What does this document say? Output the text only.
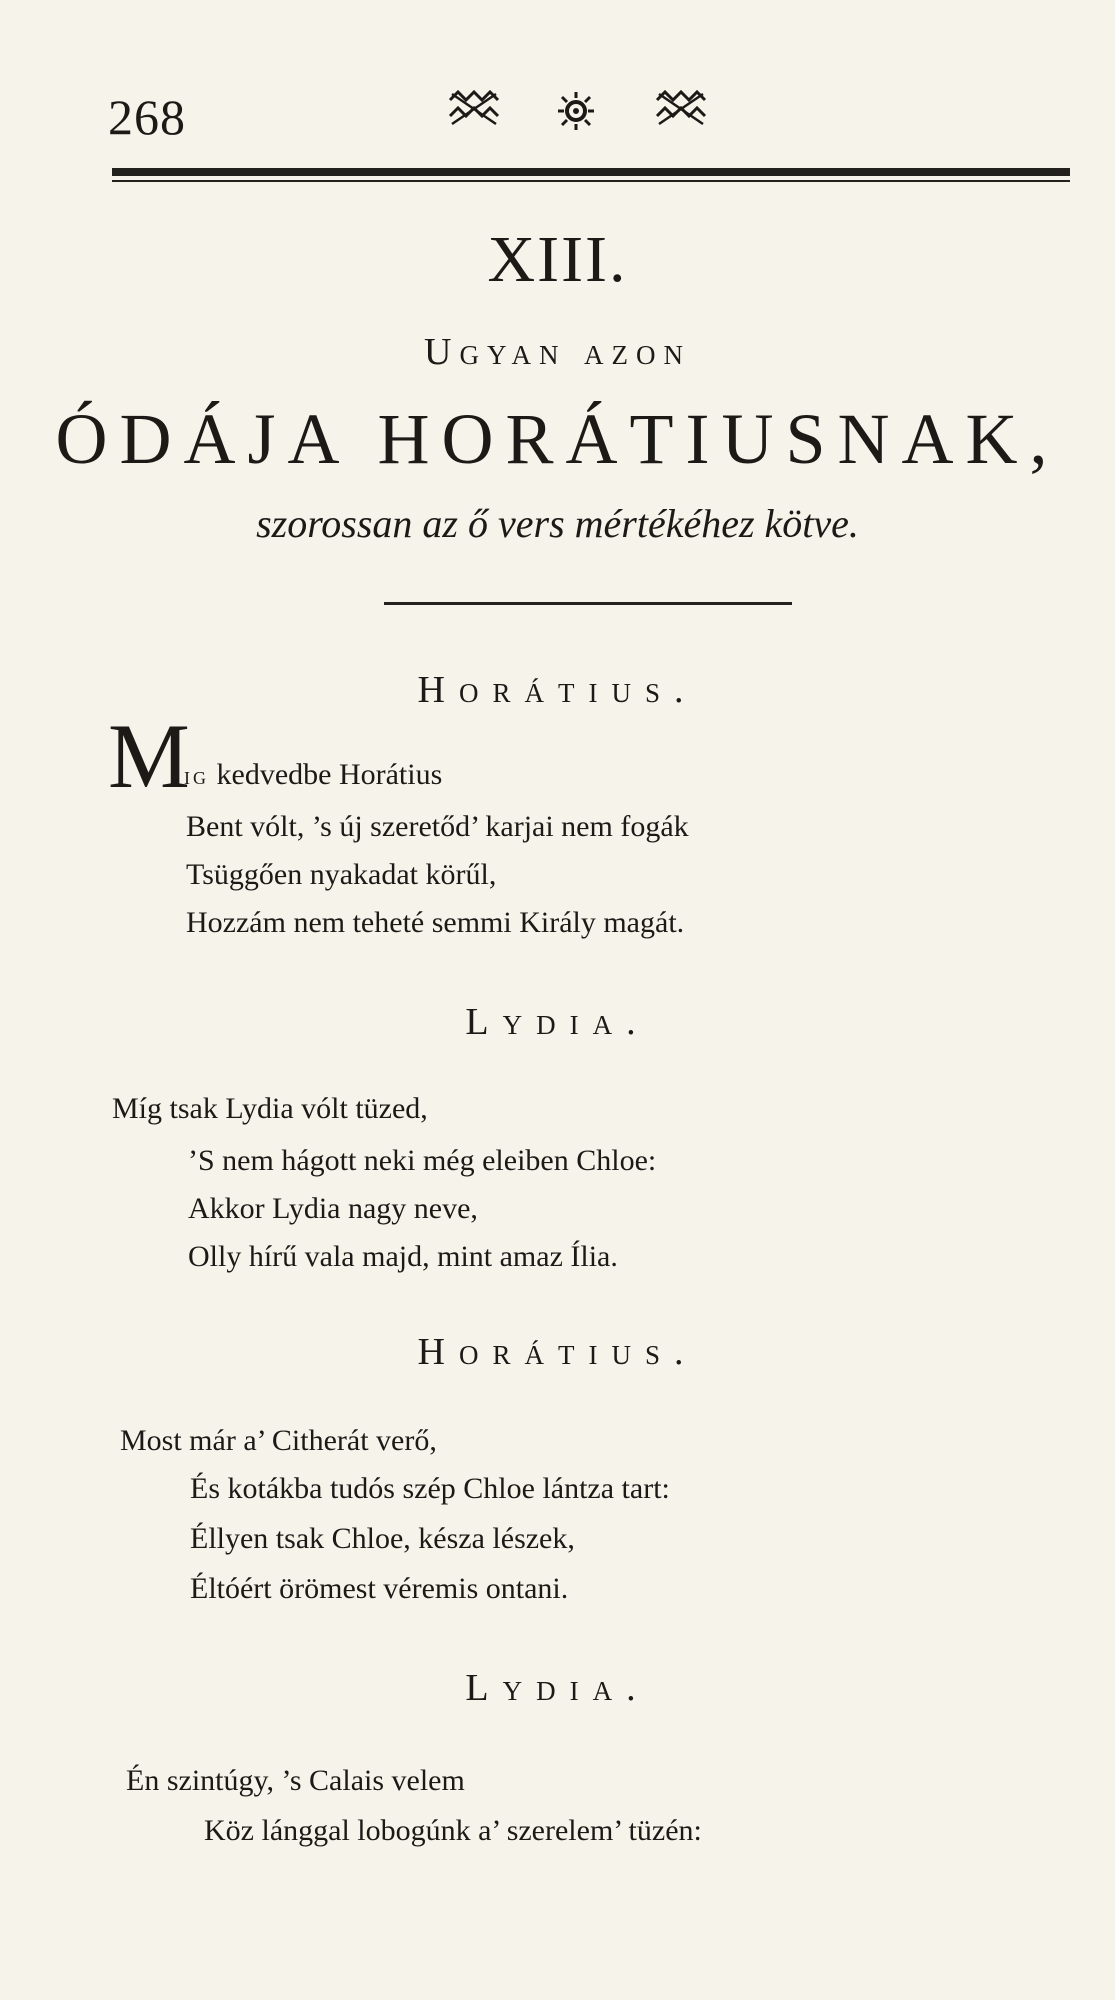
268
XIII.
Ugyan azon
ÓDÁJA HORÁTIUSNAK,
szorossan az ő vers mértékéhez kötve.
Horátius.
M
ig kedvedbe Horátius
Bent vólt, ’s új szeretőd’ karjai nem fogák
Tsüggően nyakadat körűl,
Hozzám nem teheté semmi Király magát.
Lydia.
Míg tsak Lydia vólt tüzed,
’S nem hágott neki még eleiben Chloe:
Akkor Lydia nagy neve,
Olly hírű vala majd, mint amaz Ília.
Horátius.
Most már a’ Citherát verő,
És kotákba tudós szép Chloe lántza tart:
Éllyen tsak Chloe, késza lészek,
Éltóért örömest véremis ontani.
Lydia.
Én szintúgy, ’s Calais velem
Köz lánggal lobogúnk a’ szerelem’ tüzén:
